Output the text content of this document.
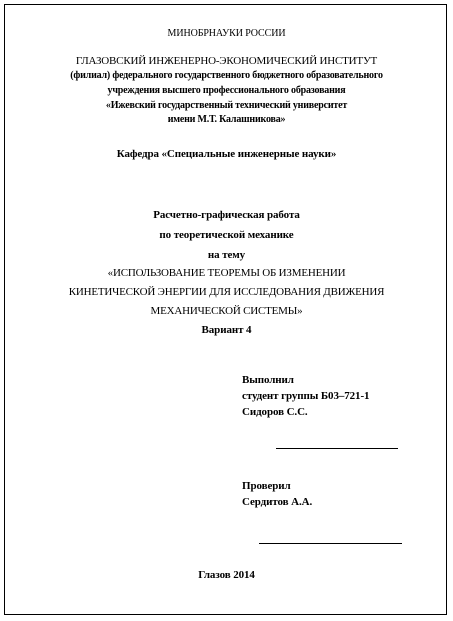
МИНОБРНАУКИ РОССИИ
ГЛАЗОВСКИЙ ИНЖЕНЕРНО-ЭКОНОМИЧЕСКИЙ ИНСТИТУТ
(филиал) федерального государственного бюджетного образовательного
учреждения высшего профессионального образования
«Ижевский государственный технический университет
имени М.Т. Калашникова»
Кафедра «Специальные инженерные науки»
Расчетно-графическая работа
по теоретической механике
на тему
«ИСПОЛЬЗОВАНИЕ ТЕОРЕМЫ ОБ ИЗМЕНЕНИИ
КИНЕТИЧЕСКОЙ ЭНЕРГИИ ДЛЯ ИССЛЕДОВАНИЯ ДВИЖЕНИЯ
МЕХАНИЧЕСКОЙ СИСТЕМЫ»
Вариант 4
Выполнил
студент группы Б03–721-1
Сидоров С.С.
Проверил
Сердитов А.А.
Глазов 2014
